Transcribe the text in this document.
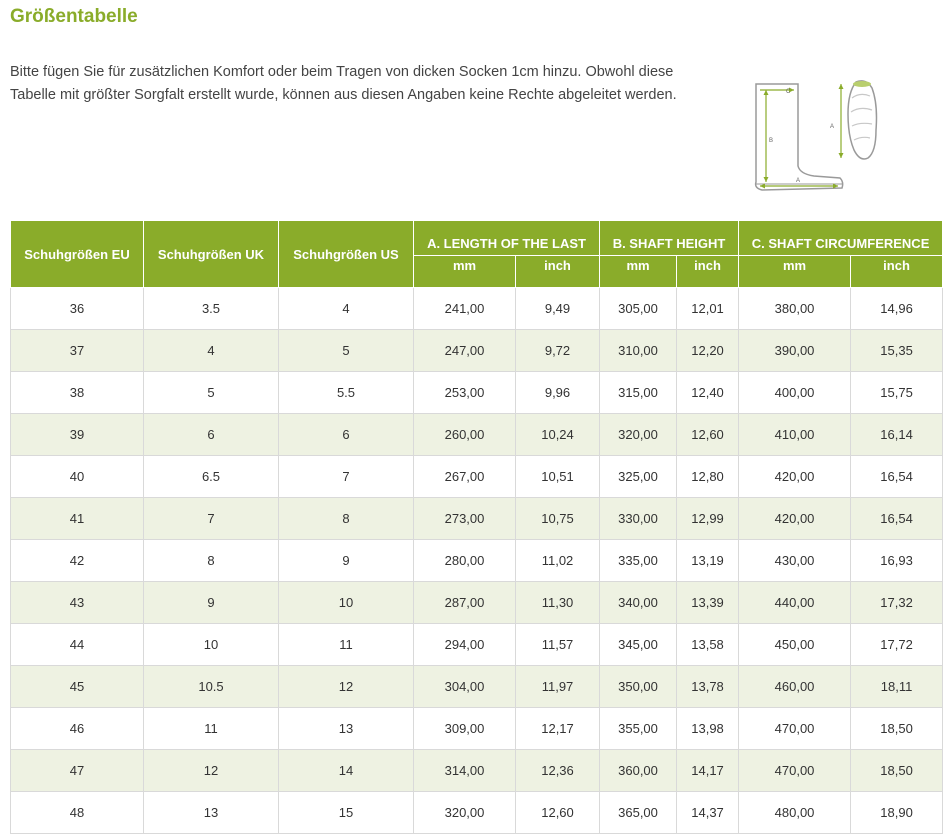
Größentabelle

Bitte fügen Sie für zusätzlichen Komfort oder beim Tragen von dicken Socken 1cm hinzu. Obwohl diese Tabelle mit größter Sorgfalt erstellt wurde, können aus diesen Angaben keine Rechte abgeleitet werden.	C
B
A
A
Schuhgrößen EU	Schuhgrößen UK	Schuhgrößen US	A. LENGTH OF THE LAST		B. SHAFT HEIGHT		C. SHAFT CIRCUMFERENCE	
			mm	inch	mm	inch	mm	inch
36	3.5	4	241,00	9,49	305,00	12,01	380,00	14,96
37	4	5	247,00	9,72	310,00	12,20	390,00	15,35
38	5	5.5	253,00	9,96	315,00	12,40	400,00	15,75
39	6	6	260,00	10,24	320,00	12,60	410,00	16,14
40	6.5	7	267,00	10,51	325,00	12,80	420,00	16,54
41	7	8	273,00	10,75	330,00	12,99	420,00	16,54
42	8	9	280,00	11,02	335,00	13,19	430,00	16,93
43	9	10	287,00	11,30	340,00	13,39	440,00	17,32
44	10	11	294,00	11,57	345,00	13,58	450,00	17,72
45	10.5	12	304,00	11,97	350,00	13,78	460,00	18,11
46	11	13	309,00	12,17	355,00	13,98	470,00	18,50
47	12	14	314,00	12,36	360,00	14,17	470,00	18,50
48	13	15	320,00	12,60	365,00	14,37	480,00	18,90
